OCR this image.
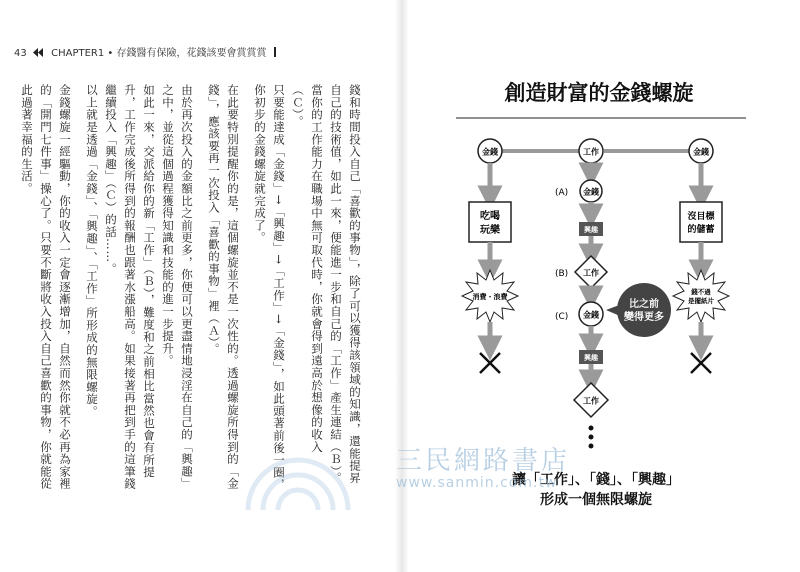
43 CHAPTER1 • 存錢醫有保險，花錢該要會賞賞賞

錢和時間投入自己「喜歡的事物」，除了可以獲得該領域的知識，還能提昇自己的技術值，如此一來，便能進一步和自己的「工作」產生連結（Ｂ）。當你的工作能力在職場中無可取代時，你就會得到遠高於想像的收入（Ｃ）。

只要能達成「金錢」→「興趣」→「工作」→「金錢」，如此頭著前後一圈，你初步的金錢螺旋就完成了。

在此要特別提醒你的是，這個螺旋並不是一次性的。透過螺旋所得到的「金錢」，應該要再一次投入「喜歡的事物」裡（Ａ）。

由於再次投入的金額比之前更多，你便可以更盡情地浸淫在自己的「興趣」之中，並從這個過程獲得知識和技能的進一步提升。

如此一來，交派給你的新「工作」（Ｂ），難度和之前相比當然也會有所提升，工作完成後所得到的報酬也跟著水漲船高。如果接著再把到手的這筆錢繼續投入「興趣」（Ｃ）的話……。

以上就是透過「金錢」、「興趣」、「工作」所形成的無限螺旋。

金錢螺旋一經驅動，你的收入一定會逐漸增加，自然而然你就不必再為家裡的「開門七件事」操心了。只要不斷將收入投入自己喜歡的事物，你就能從此過著幸福的生活。	創造財富的金錢螺旋
金錢
吃喝
玩樂
消費・浪費
工作
金錢
(A)
興趣
工作
(B)
金錢
(C)
興趣
工作
比之前
變得更多
金錢
沒目標
的儲蓄
錢不過
是擺紙片
讓「工作」、「錢」、「興趣」
形成一個無限螺旋
三民網路書店
www.sanmin.com.tw
